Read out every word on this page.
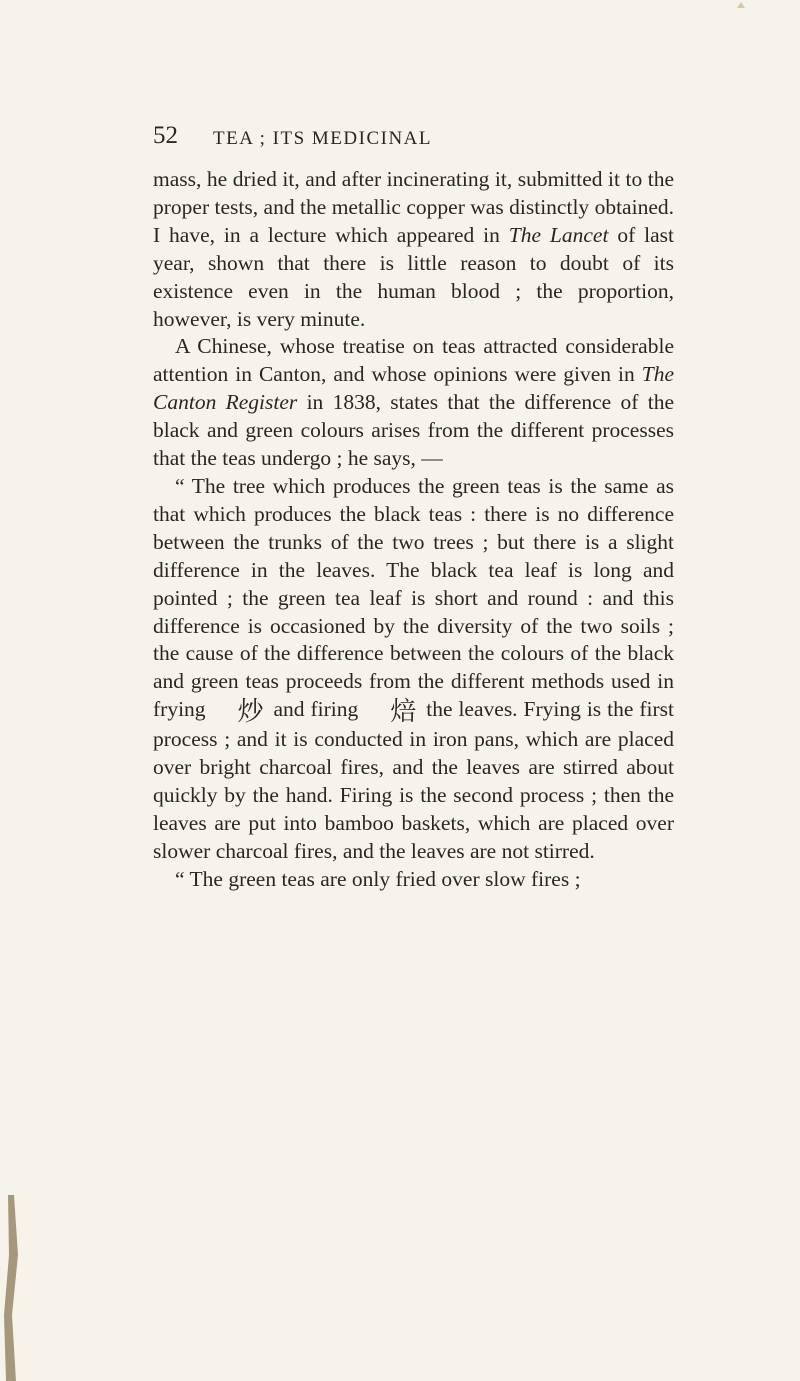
52 TEA ; ITS MEDICINAL

mass, he dried it, and after incinerating it, submitted it to the proper tests, and the metallic copper was distinctly obtained. I have, in a lecture which appeared in The Lancet of last year, shown that there is little reason to doubt of its existence even in the human blood ; the proportion, however, is very minute.

A Chinese, whose treatise on teas attracted considerable attention in Canton, and whose opinions were given in The Canton Register in 1838, states that the difference of the black and green colours arises from the different processes that the teas undergo ; he says, —

“ The tree which produces the green teas is the same as that which produces the black teas : there is no difference between the trunks of the two trees ; but there is a slight difference in the leaves. The black tea leaf is long and pointed ; the green tea leaf is short and round : and this difference is occasioned by the diversity of the two soils ; the cause of the difference between the colours of the black and green teas proceeds from the different methods used in frying 炒 and firing 焙 the leaves. Frying is the first process ; and it is conducted in iron pans, which are placed over bright charcoal fires, and the leaves are stirred about quickly by the hand. Firing is the second process ; then the leaves are put into bamboo baskets, which are placed over slower charcoal fires, and the leaves are not stirred.

“ The green teas are only fried over slow fires ;
